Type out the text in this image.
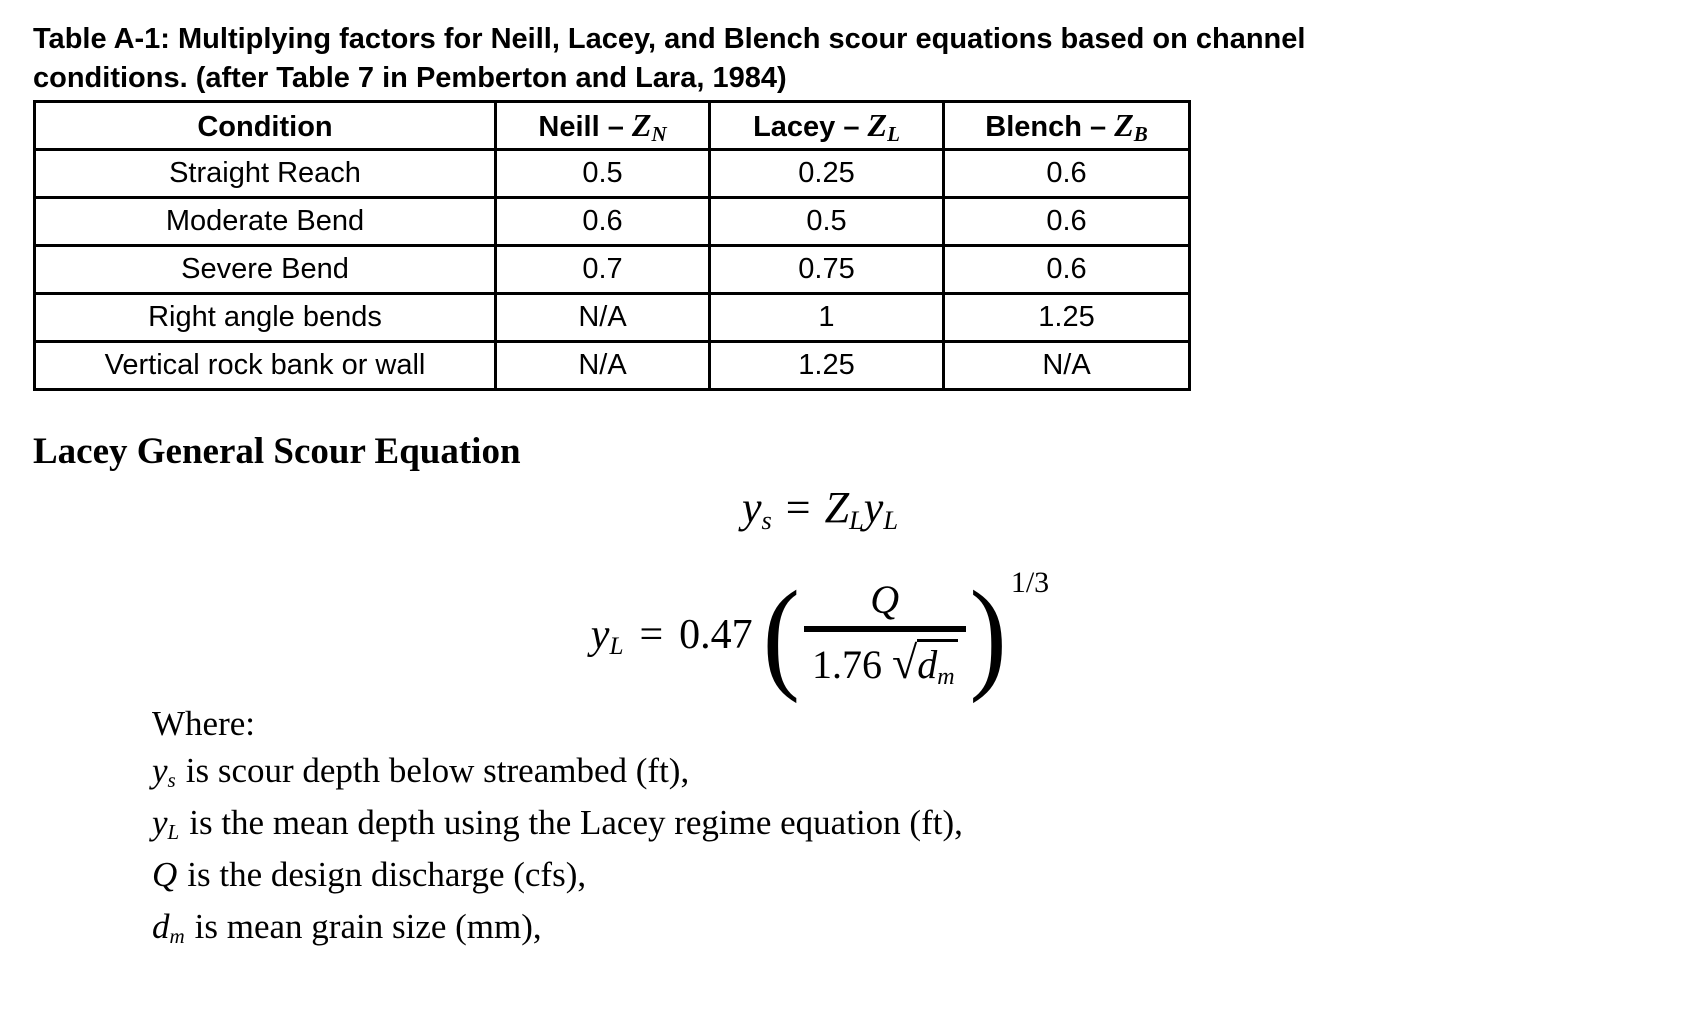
Table A-1: Multiplying factors for Neill, Lacey, and Blench scour equations based on channel
conditions. (after Table 7 in Pemberton and Lara, 1984)
Condition	Neill – $Z_N$	Lacey – $Z_L$	Blench – $Z_B$
Straight Reach	0.5	0.25	0.6
Moderate Bend	0.6	0.5	0.6
Severe Bend	0.7	0.75	0.6
Right angle bends	N/A	1	1.25
Vertical rock bank or wall	N/A	1.25	N/A
Lacey General Scour Equation
$y_s = Z_Ly_L$
$y_L = 0.47$ ( $\frac{Q}{1.76 √d_m} )^{1/3}$
Where:
$y_s$ is scour depth below streambed (ft),
$y_L$ is the mean depth using the Lacey regime equation (ft),
Q is the design discharge (cfs),
$d_m$ is mean grain size (mm),
